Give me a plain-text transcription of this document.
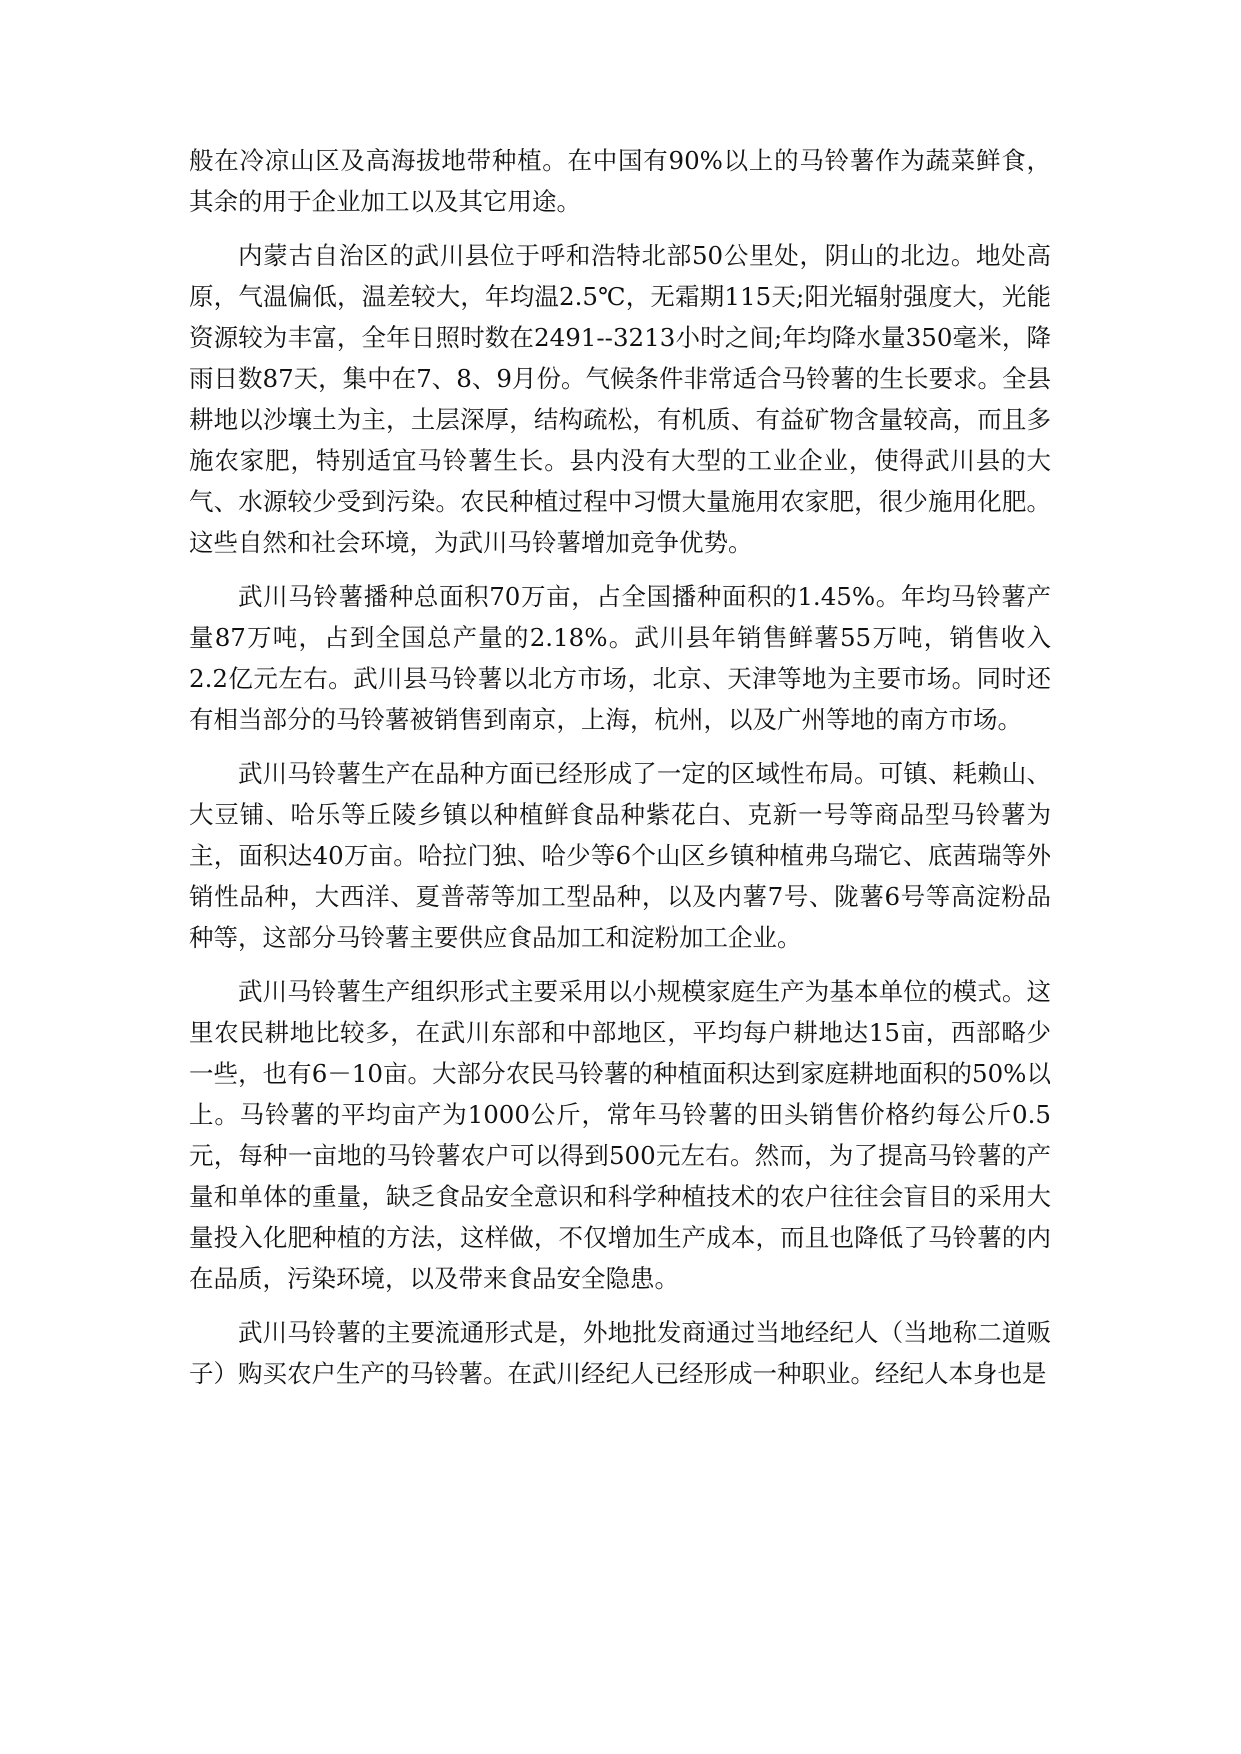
般在冷凉山区及高海拔地带种植。在中国有90%以上的马铃薯作为蔬菜鲜食，其余的用于企业加工以及其它用途。

内蒙古自治区的武川县位于呼和浩特北部50公里处，阴山的北边。地处高原，气温偏低，温差较大，年均温2.5℃，无霜期115天;阳光辐射强度大，光能资源较为丰富，全年日照时数在2491--3213小时之间;年均降水量350毫米，降雨日数87天，集中在7、8、9月份。气候条件非常适合马铃薯的生长要求。全县耕地以沙壤土为主，土层深厚，结构疏松，有机质、有益矿物含量较高，而且多施农家肥，特别适宜马铃薯生长。县内没有大型的工业企业，使得武川县的大气、水源较少受到污染。农民种植过程中习惯大量施用农家肥，很少施用化肥。这些自然和社会环境，为武川马铃薯增加竞争优势。

武川马铃薯播种总面积70万亩，占全国播种面积的1.45%。年均马铃薯产量87万吨，占到全国总产量的2.18%。武川县年销售鲜薯55万吨，销售收入2.2亿元左右。武川县马铃薯以北方市场，北京、天津等地为主要市场。同时还有相当部分的马铃薯被销售到南京，上海，杭州，以及广州等地的南方市场。

武川马铃薯生产在品种方面已经形成了一定的区域性布局。可镇、耗赖山、大豆铺、哈乐等丘陵乡镇以种植鲜食品种紫花白、克新一号等商品型马铃薯为主，面积达40万亩。哈拉门独、哈少等6个山区乡镇种植弗乌瑞它、底茜瑞等外销性品种，大西洋、夏普蒂等加工型品种，以及内薯7号、陇薯6号等高淀粉品种等，这部分马铃薯主要供应食品加工和淀粉加工企业。

武川马铃薯生产组织形式主要采用以小规模家庭生产为基本单位的模式。这里农民耕地比较多，在武川东部和中部地区，平均每户耕地达15亩，西部略少一些，也有6－10亩。大部分农民马铃薯的种植面积达到家庭耕地面积的50%以上。马铃薯的平均亩产为1000公斤，常年马铃薯的田头销售价格约每公斤0.5元，每种一亩地的马铃薯农户可以得到500元左右。然而，为了提高马铃薯的产量和单体的重量，缺乏食品安全意识和科学种植技术的农户往往会盲目的采用大量投入化肥种植的方法，这样做，不仅增加生产成本，而且也降低了马铃薯的内在品质，污染环境，以及带来食品安全隐患。

武川马铃薯的主要流通形式是，外地批发商通过当地经纪人（当地称二道贩子）购买农户生产的马铃薯。在武川经纪人已经形成一种职业。经纪人本身也是
